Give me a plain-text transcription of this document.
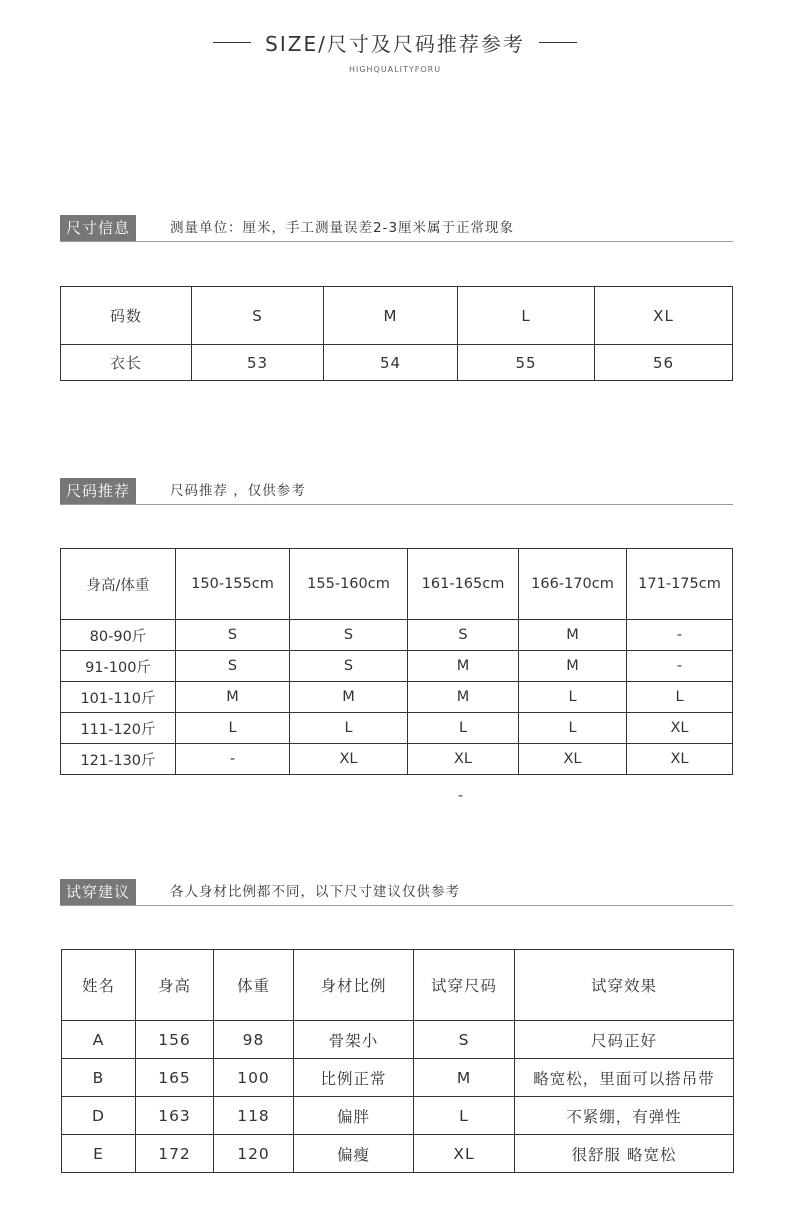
SIZE/尺寸及尺码推荐参考
HIGHQUALITYFORU
尺寸信息	测量单位：厘米，手工测量误差2-3厘米属于正常现象
码数	S	M	L	XL
衣长	53	54	55	56
尺码推荐	尺码推荐 ，仅供参考
身高/体重	150-155cm	155-160cm	161-165cm	166-170cm	171-175cm
80-90斤	S	S	S	M	-
91-100斤	S	S	M	M	-
101-110斤	M	M	M	L	L
111-120斤	L	L	L	L	XL
121-130斤	-	XL	XL	XL	XL
-
试穿建议	各人身材比例都不同，以下尺寸建议仅供参考
姓名	身高	体重	身材比例	试穿尺码	试穿效果
A	156	98	骨架小	S	尺码正好
B	165	100	比例正常	M	略宽松，里面可以搭吊带
D	163	118	偏胖	L	不紧绷，有弹性
E	172	120	偏瘦	XL	很舒服 略宽松
